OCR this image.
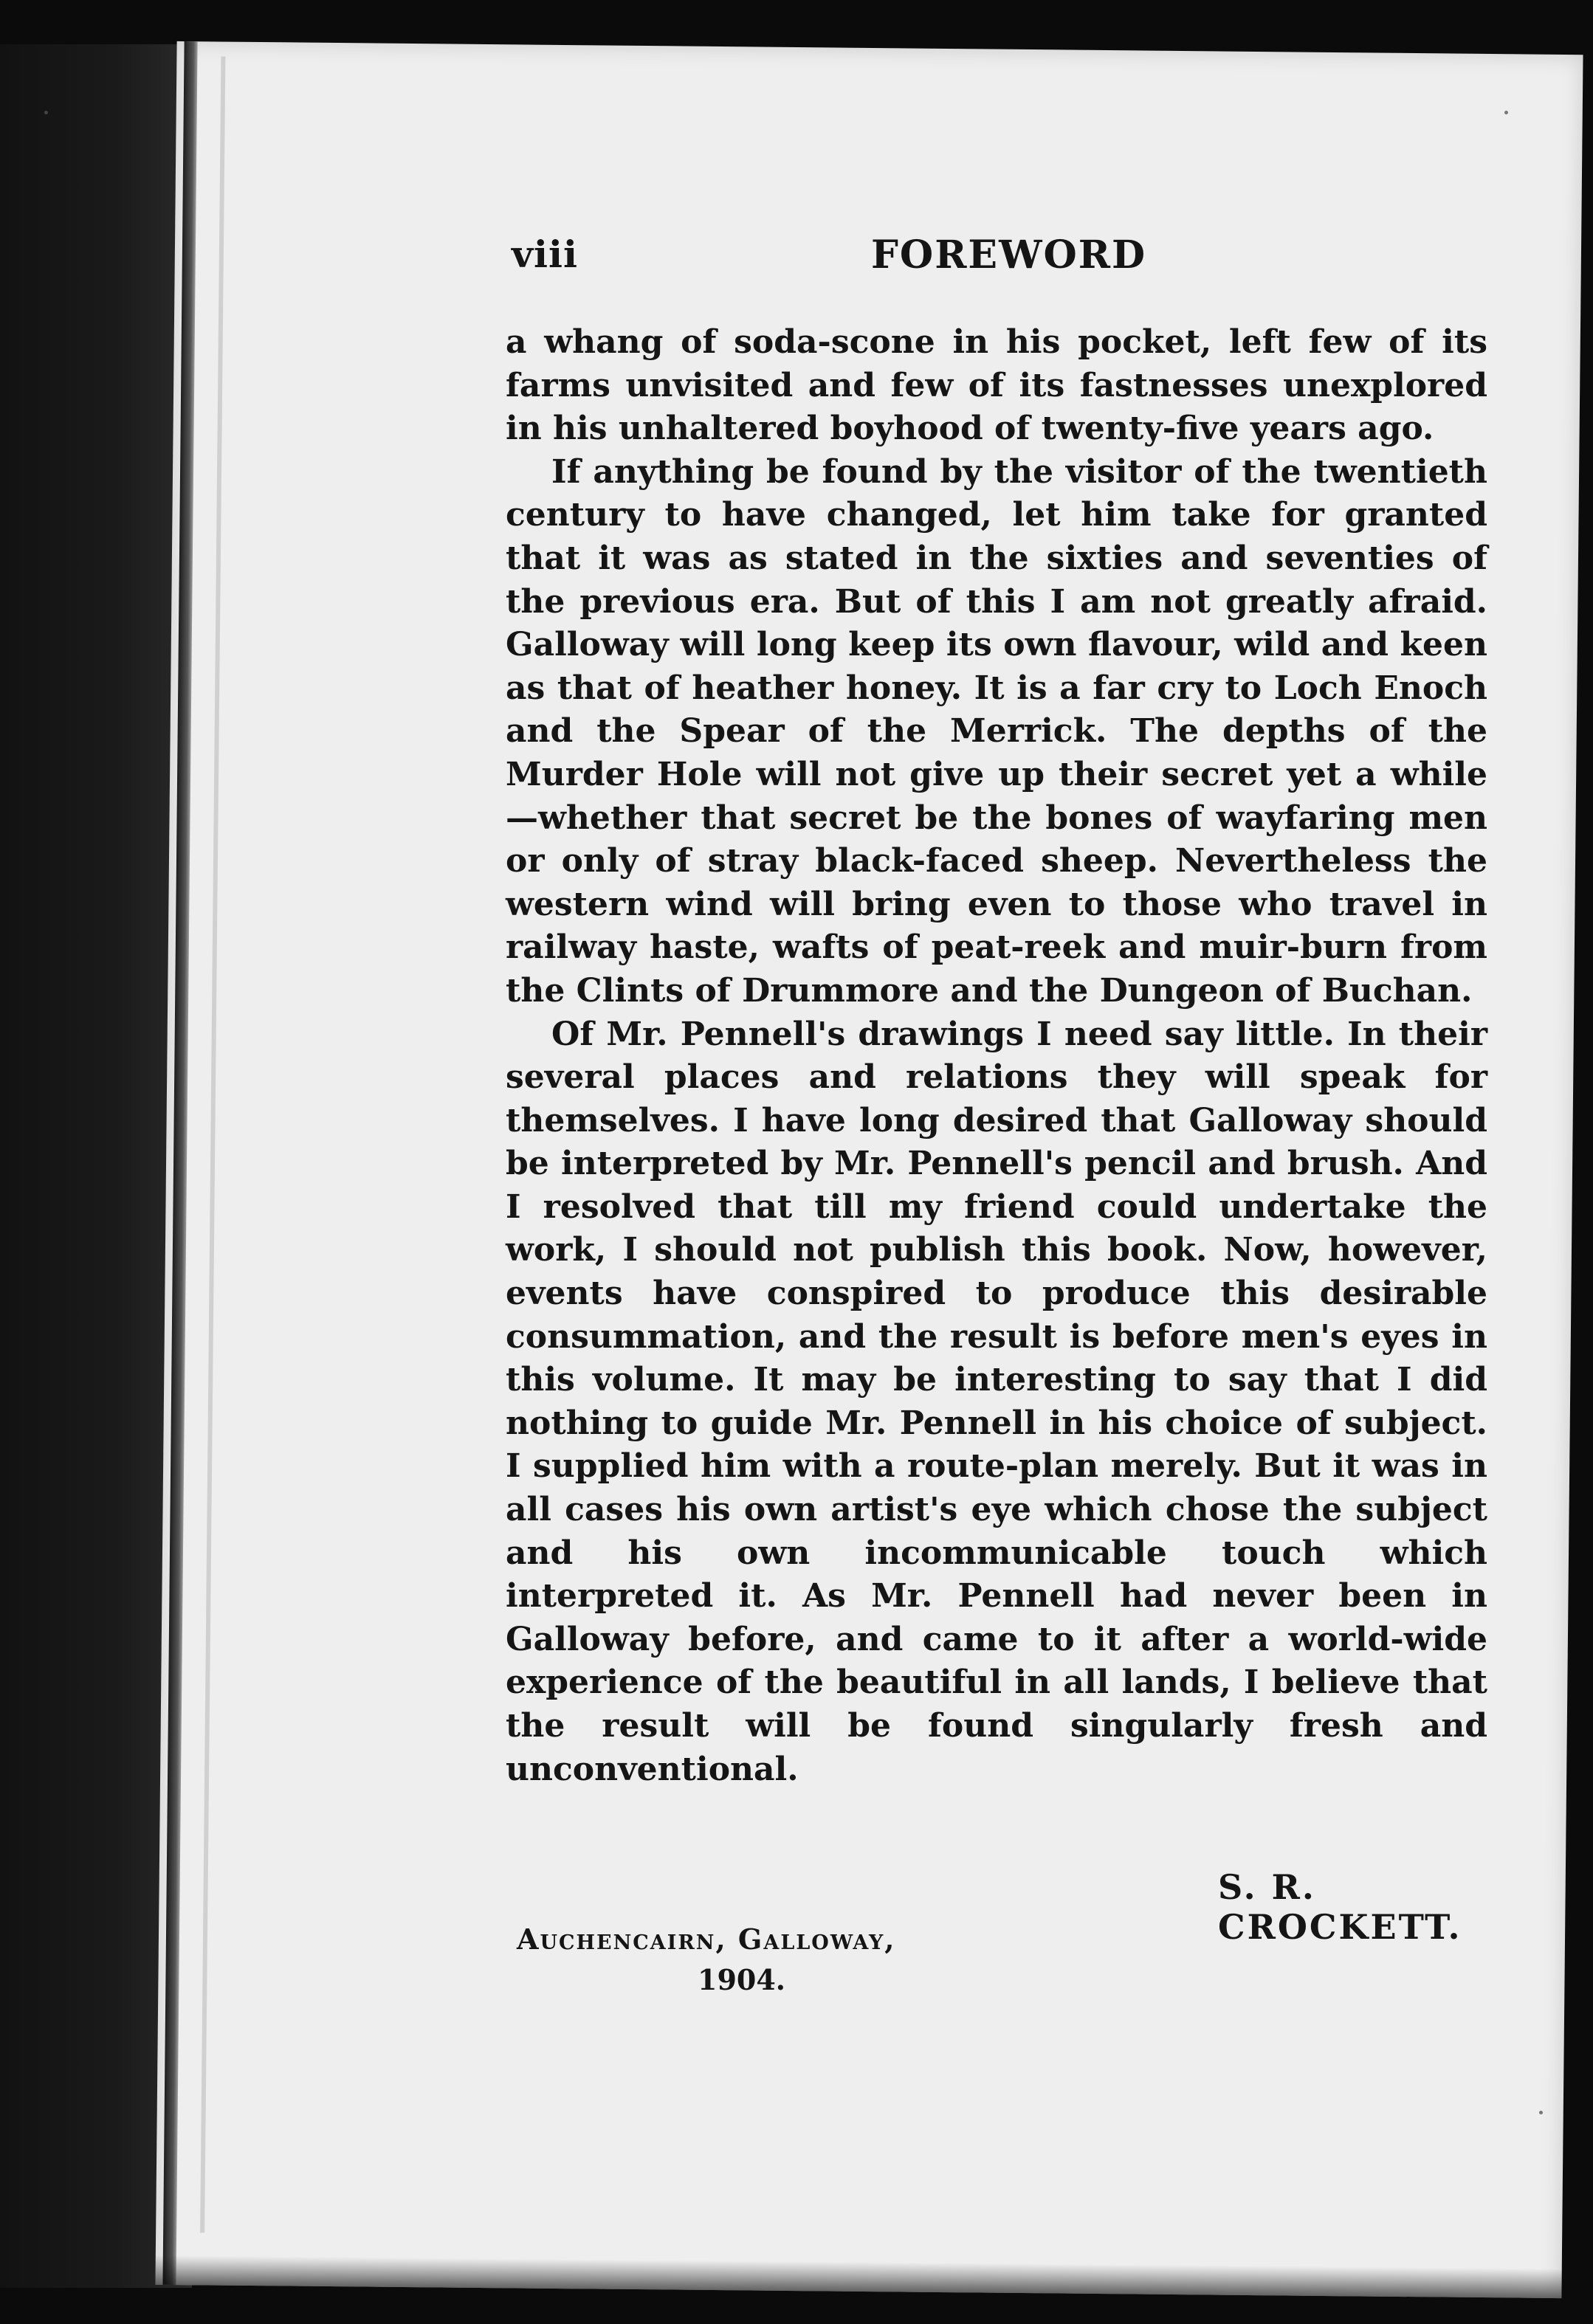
viii	FOREWORD

a whang of soda-scone in his pocket, left few of its farms unvisited and few of its fastnesses unexplored in his unhaltered boyhood of twenty-five years ago.

If anything be found by the visitor of the twentieth century to have changed, let him take for granted that it was as stated in the sixties and seventies of the previous era. But of this I am not greatly afraid. Galloway will long keep its own flavour, wild and keen as that of heather honey. It is a far cry to Loch Enoch and the Spear of the Merrick. The depths of the Murder Hole will not give up their secret yet a while—whether that secret be the bones of wayfaring men or only of stray black-faced sheep. Nevertheless the western wind will bring even to those who travel in railway haste, wafts of peat-reek and muir-burn from the Clints of Drummore and the Dungeon of Buchan.

Of Mr. Pennell's drawings I need say little. In their several places and relations they will speak for themselves. I have long desired that Galloway should be interpreted by Mr. Pennell's pencil and brush. And I resolved that till my friend could undertake the work, I should not publish this book. Now, however, events have conspired to produce this desirable consummation, and the result is before men's eyes in this volume. It may be interesting to say that I did nothing to guide Mr. Pennell in his choice of subject. I supplied him with a route-plan merely. But it was in all cases his own artist's eye which chose the subject and his own incommunicable touch which interpreted it. As Mr. Pennell had never been in Galloway before, and came to it after a world-wide experience of the beautiful in all lands, I believe that the result will be found singularly fresh and unconventional.

S. R. CROCKETT.
Auchencairn, Galloway,
1904.
